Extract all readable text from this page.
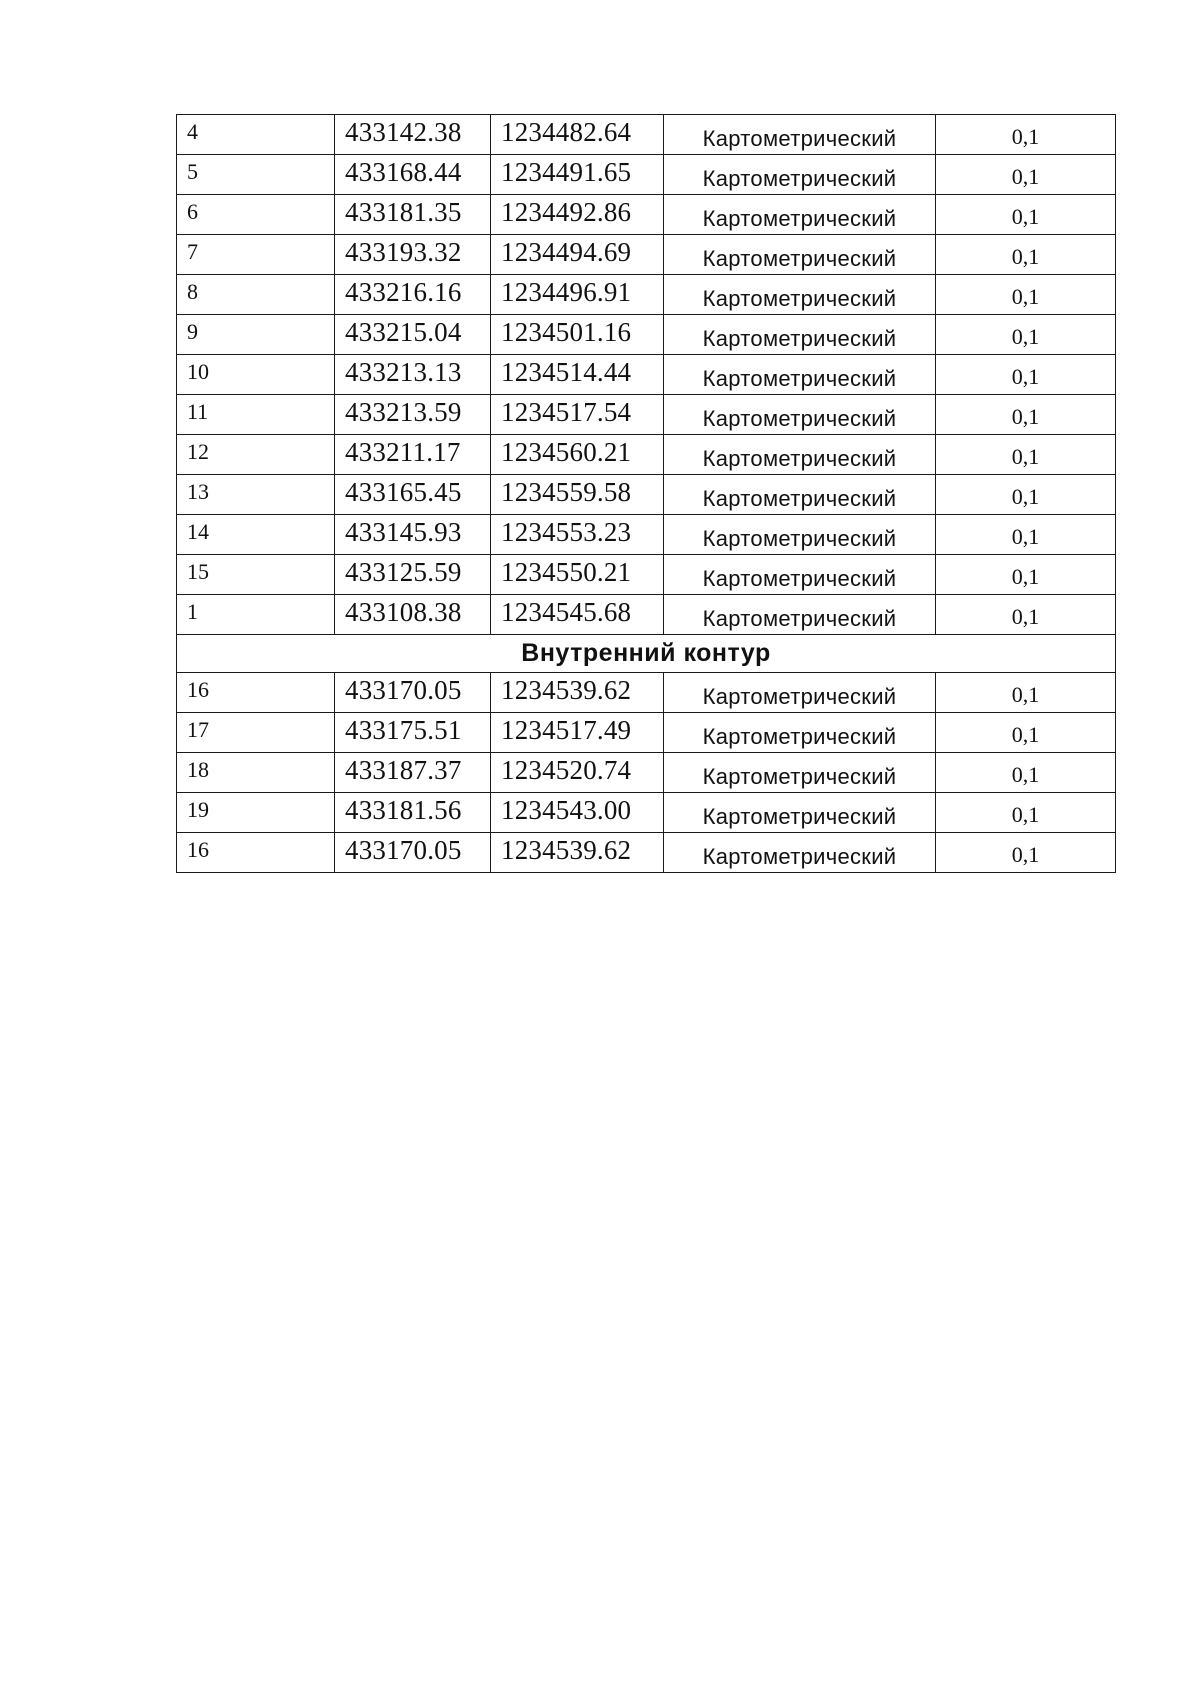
4	433142.38	1234482.64	Картометрический	0,1
5	433168.44	1234491.65	Картометрический	0,1
6	433181.35	1234492.86	Картометрический	0,1
7	433193.32	1234494.69	Картометрический	0,1
8	433216.16	1234496.91	Картометрический	0,1
9	433215.04	1234501.16	Картометрический	0,1
10	433213.13	1234514.44	Картометрический	0,1
11	433213.59	1234517.54	Картометрический	0,1
12	433211.17	1234560.21	Картометрический	0,1
13	433165.45	1234559.58	Картометрический	0,1
14	433145.93	1234553.23	Картометрический	0,1
15	433125.59	1234550.21	Картометрический	0,1
1	433108.38	1234545.68	Картометрический	0,1
Внутренний контур				
16	433170.05	1234539.62	Картометрический	0,1
17	433175.51	1234517.49	Картометрический	0,1
18	433187.37	1234520.74	Картометрический	0,1
19	433181.56	1234543.00	Картометрический	0,1
16	433170.05	1234539.62	Картометрический	0,1
